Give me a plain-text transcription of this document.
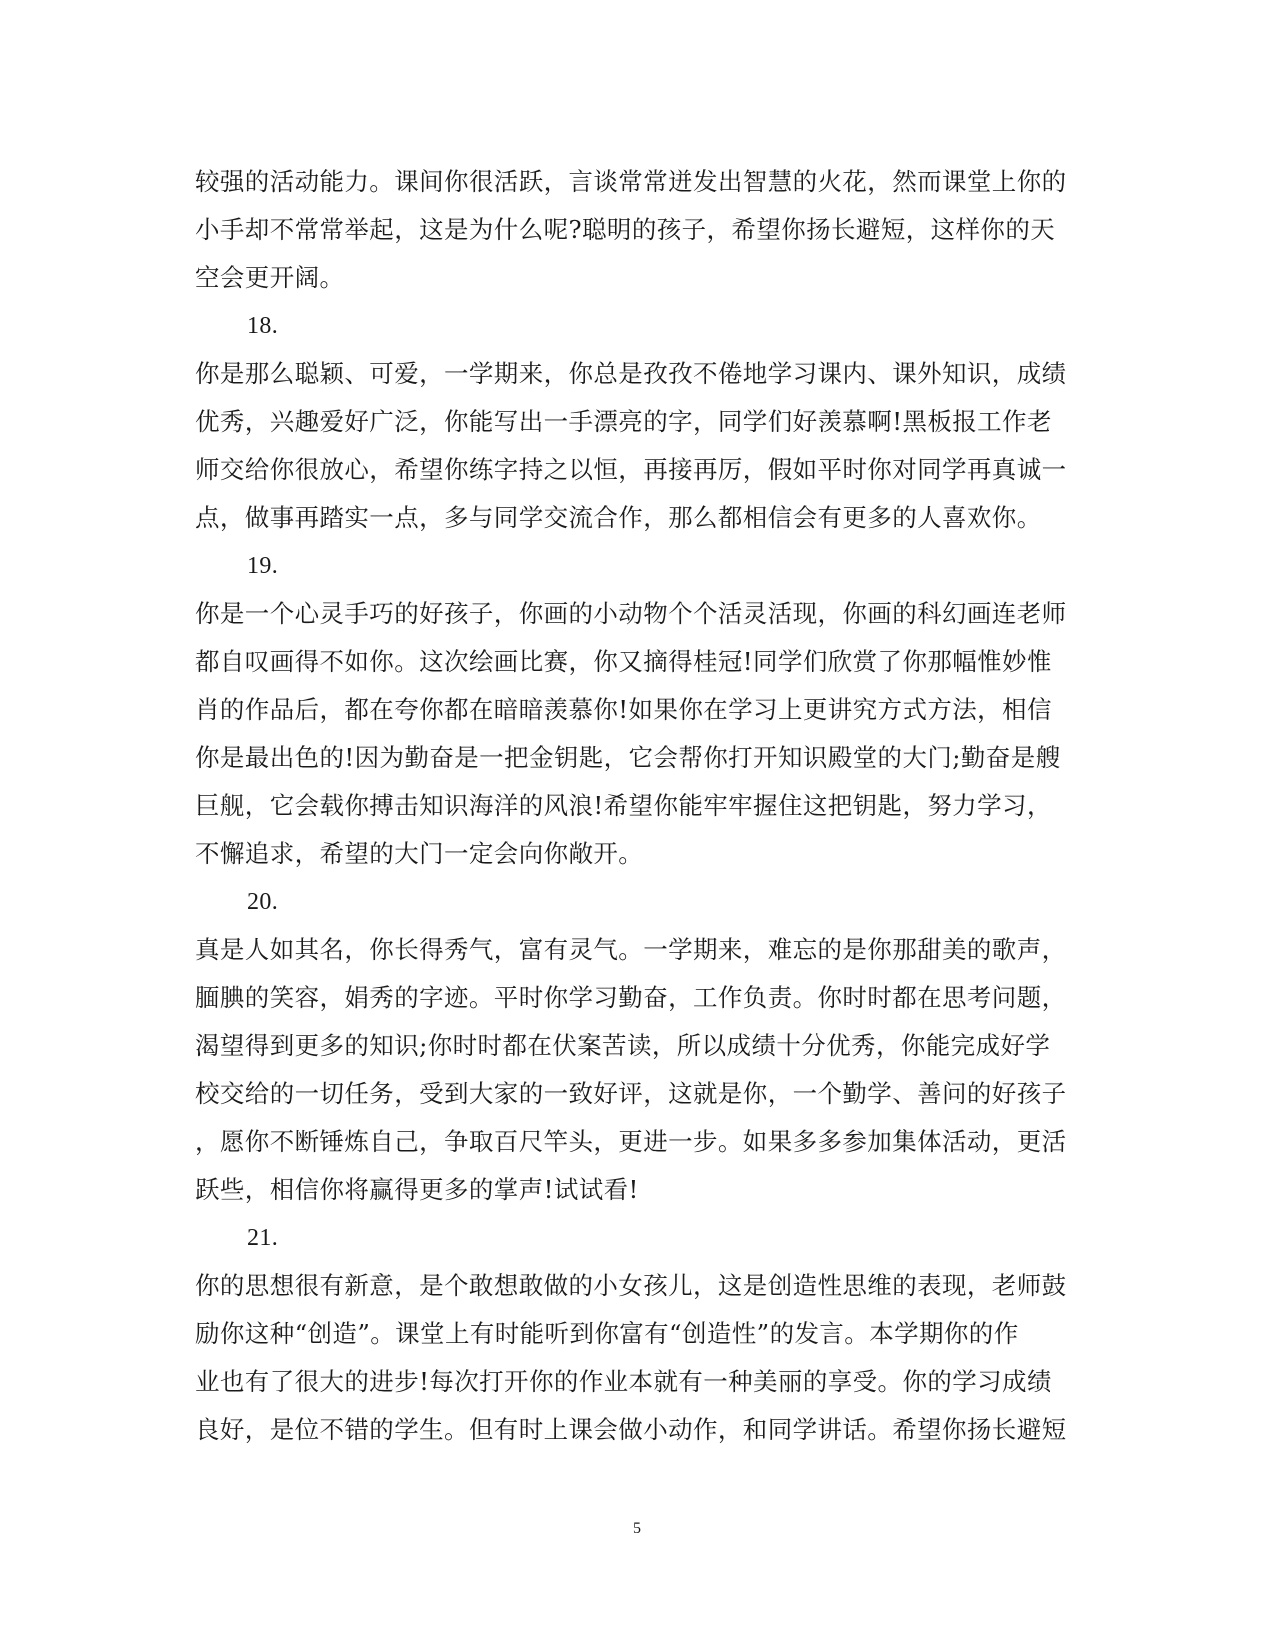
较强的活动能力。课间你很活跃，言谈常常迸发出智慧的火花，然而课堂上你的
小手却不常常举起，这是为什么呢?聪明的孩子，希望你扬长避短，这样你的天
空会更开阔。
18.
你是那么聪颖、可爱，一学期来，你总是孜孜不倦地学习课内、课外知识，成绩
优秀，兴趣爱好广泛，你能写出一手漂亮的字，同学们好羡慕啊!黑板报工作老
师交给你很放心，希望你练字持之以恒，再接再厉，假如平时你对同学再真诚一
点，做事再踏实一点，多与同学交流合作，那么都相信会有更多的人喜欢你。
19.
你是一个心灵手巧的好孩子，你画的小动物个个活灵活现，你画的科幻画连老师
都自叹画得不如你。这次绘画比赛，你又摘得桂冠!同学们欣赏了你那幅惟妙惟
肖的作品后，都在夸你都在暗暗羡慕你!如果你在学习上更讲究方式方法，相信
你是最出色的!因为勤奋是一把金钥匙，它会帮你打开知识殿堂的大门;勤奋是艘
巨舰，它会载你搏击知识海洋的风浪!希望你能牢牢握住这把钥匙，努力学习，
不懈追求，希望的大门一定会向你敞开。
20.
真是人如其名，你长得秀气，富有灵气。一学期来，难忘的是你那甜美的歌声，
腼腆的笑容，娟秀的字迹。平时你学习勤奋，工作负责。你时时都在思考问题，
渴望得到更多的知识;你时时都在伏案苦读，所以成绩十分优秀，你能完成好学
校交给的一切任务，受到大家的一致好评，这就是你，一个勤学、善问的好孩子
，愿你不断锤炼自己，争取百尺竿头，更进一步。如果多多参加集体活动，更活
跃些，相信你将赢得更多的掌声!试试看!
21.
你的思想很有新意，是个敢想敢做的小女孩儿，这是创造性思维的表现，老师鼓
励你这种“创造”。课堂上有时能听到你富有“创造性”的发言。本学期你的作
业也有了很大的进步!每次打开你的作业本就有一种美丽的享受。你的学习成绩
良好，是位不错的学生。但有时上课会做小动作，和同学讲话。希望你扬长避短
5
